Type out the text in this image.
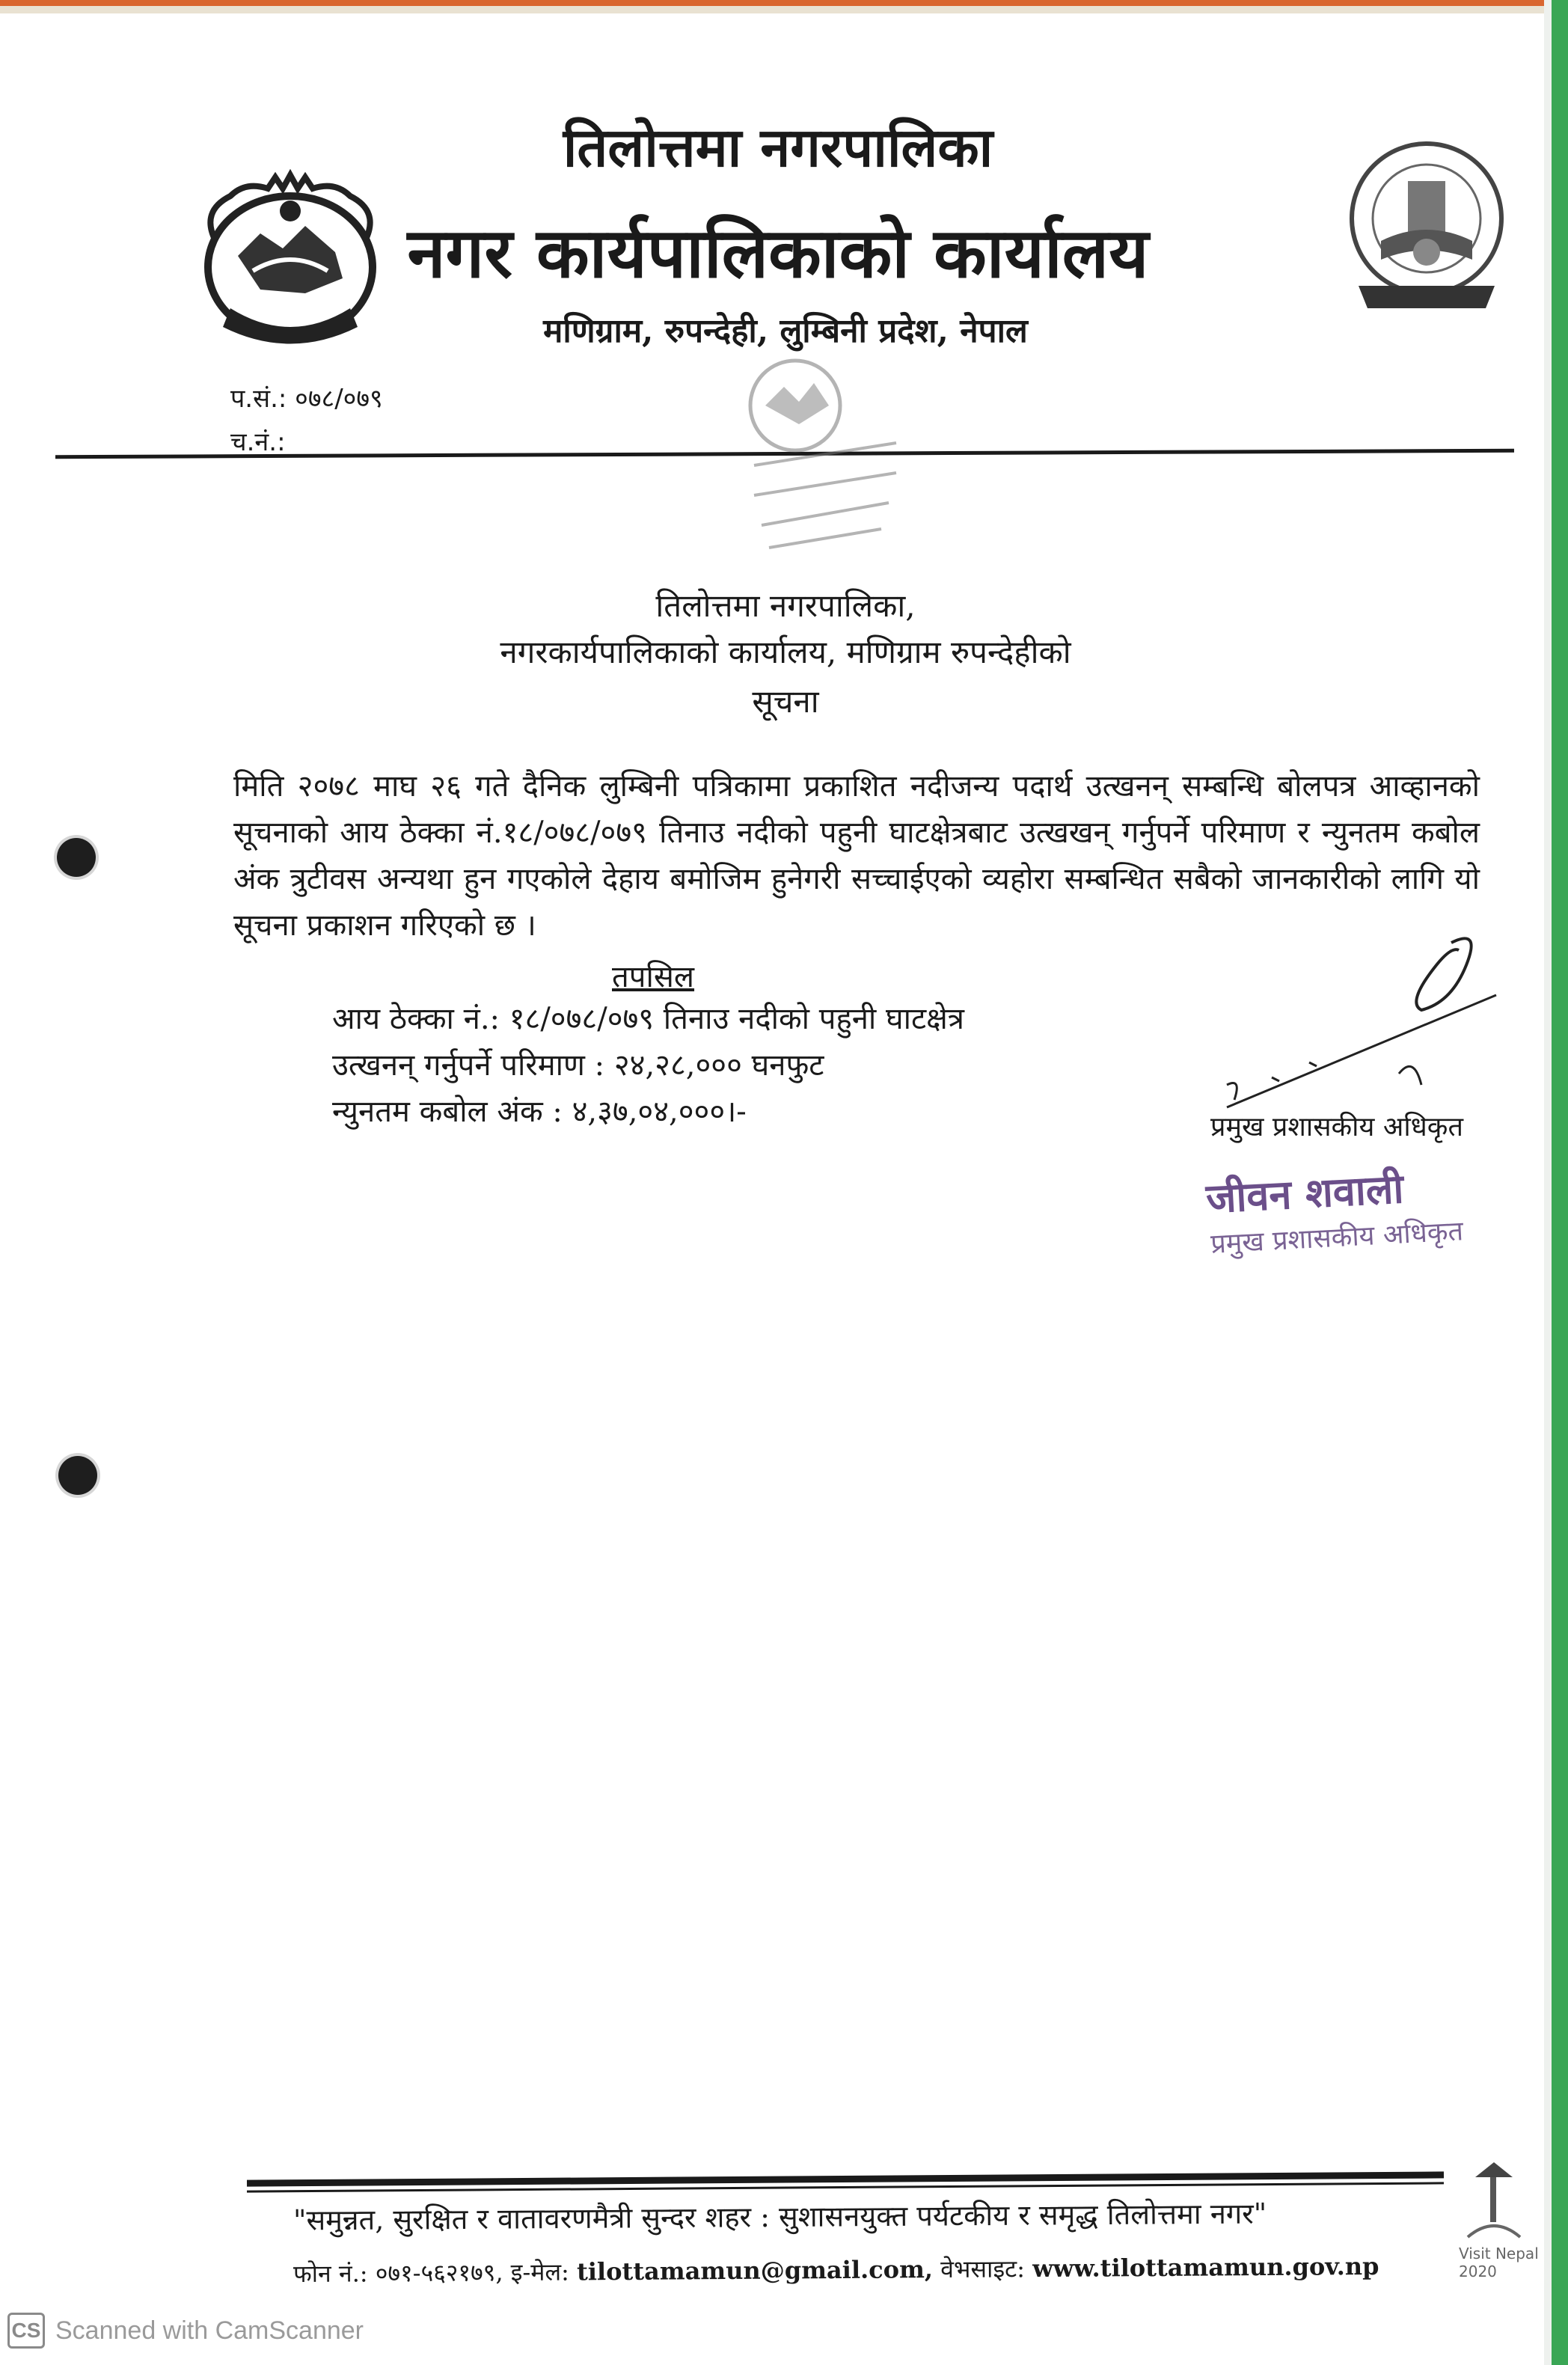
तिलोत्तमा नगरपालिका
नगर कार्यपालिकाको कार्यालय
मणिग्राम, रुपन्देही, लुम्बिनी प्रदेश, नेपाल
प.सं.: ०७८/०७९
च.नं.:
तिलोत्तमा नगरपालिका,
नगरकार्यपालिकाको कार्यालय, मणिग्राम रुपन्देहीको
सूचना
मिति २०७८ माघ २६ गते दैनिक लुम्बिनी पत्रिकामा प्रकाशित नदीजन्य पदार्थ उत्खनन् सम्बन्धि बोलपत्र आव्हानको सूचनाको आय ठेक्का नं.१८/०७८/०७९ तिनाउ नदीको पहुनी घाटक्षेत्रबाट उत्खखन् गर्नुपर्ने परिमाण र न्युनतम कबोल अंक त्रुटीवस अन्यथा हुन गएकोले देहाय बमोजिम हुनेगरी सच्चाईएको व्यहोरा सम्बन्धित सबैको जानकारीको लागि यो सूचना प्रकाशन गरिएको छ ।
तपसिल
आय ठेक्का नं.: १८/०७८/०७९ तिनाउ नदीको पहुनी घाटक्षेत्र
उत्खनन् गर्नुपर्ने परिमाण : २४,२८,००० घनफुट
न्युनतम कबोल अंक : ४,३७,०४,०००।-	प्रमुख प्रशासकीय अधिकृत
जीवन शवाली
प्रमुख प्रशासकीय अधिकृत
"समुन्नत, सुरक्षित र वातावरणमैत्री सुन्दर शहर : सुशासनयुक्त पर्यटकीय र समृद्ध तिलोत्तमा नगर"
फोन नं.: ०७१-५६२१७९, इ-मेल: tilottamamun@gmail.com, वेभसाइट: www.tilottamamun.gov.np	Visit Nepal 2020
CS Scanned with CamScanner
